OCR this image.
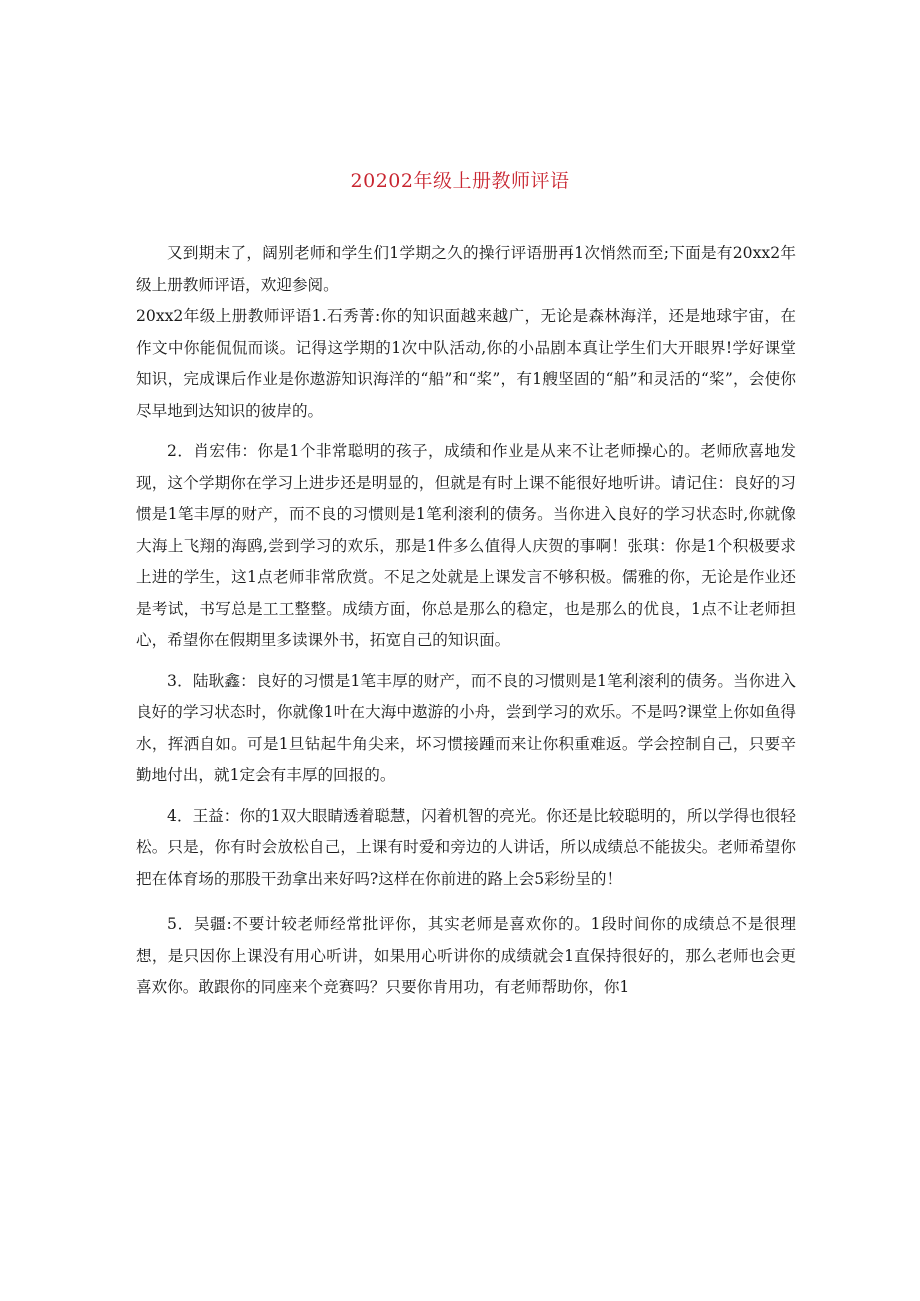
20202年级上册教师评语

又到期末了，阔别老师和学生们1学期之久的操行评语册再1次悄然而至;下面是有20xx2年级上册教师评语，欢迎参阅。

20xx2年级上册教师评语1.石秀菁:你的知识面越来越广，无论是森林海洋，还是地球宇宙，在作文中你能侃侃而谈。记得这学期的1次中队活动,你的小品剧本真让学生们大开眼界!学好课堂知识，完成课后作业是你遨游知识海洋的“船”和“桨”，有1艘坚固的“船”和灵活的“桨”，会使你尽早地到达知识的彼岸的。

2．肖宏伟：你是1个非常聪明的孩子，成绩和作业是从来不让老师操心的。老师欣喜地发现，这个学期你在学习上进步还是明显的，但就是有时上课不能很好地听讲。请记住：良好的习惯是1笔丰厚的财产，而不良的习惯则是1笔利滚利的债务。当你进入良好的学习状态时,你就像大海上飞翔的海鸥,尝到学习的欢乐，那是1件多么值得人庆贺的事啊！张琪：你是1个积极要求上进的学生，这1点老师非常欣赏。不足之处就是上课发言不够积极。儒雅的你，无论是作业还是考试，书写总是工工整整。成绩方面，你总是那么的稳定，也是那么的优良，1点不让老师担心，希望你在假期里多读课外书，拓宽自己的知识面。

3．陆耿鑫：良好的习惯是1笔丰厚的财产，而不良的习惯则是1笔利滚利的债务。当你进入良好的学习状态时，你就像1叶在大海中遨游的小舟，尝到学习的欢乐。不是吗?课堂上你如鱼得水，挥洒自如。可是1旦钻起牛角尖来，坏习惯接踵而来让你积重难返。学会控制自己，只要辛勤地付出，就1定会有丰厚的回报的。

4．王益：你的1双大眼睛透着聪慧，闪着机智的亮光。你还是比较聪明的，所以学得也很轻松。只是，你有时会放松自己，上课有时爱和旁边的人讲话，所以成绩总不能拔尖。老师希望你把在体育场的那股干劲拿出来好吗?这样在你前进的路上会5彩纷呈的！

5．吴疆:不要计较老师经常批评你，其实老师是喜欢你的。1段时间你的成绩总不是很理想，是只因你上课没有用心听讲，如果用心听讲你的成绩就会1直保持很好的，那么老师也会更喜欢你。敢跟你的同座来个竞赛吗？只要你肯用功，有老师帮助你，你1
